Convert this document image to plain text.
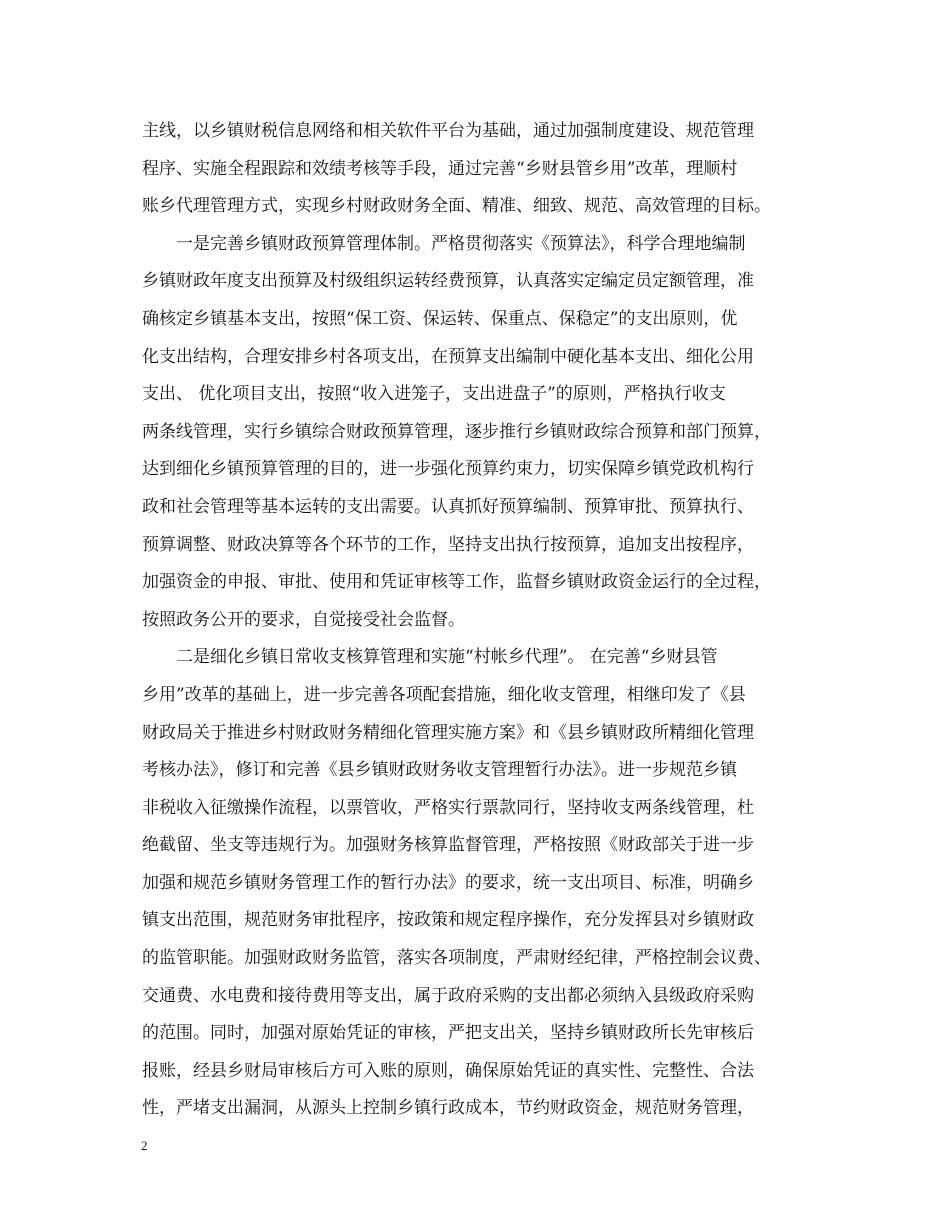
主线，以乡镇财税信息网络和相关软件平台为基础，通过加强制度建设、规范管理
程序、实施全程跟踪和效绩考核等手段，通过完善“乡财县管乡用”改革，理顺村
账乡代理管理方式，实现乡村财政财务全面、精准、细致、规范、高效管理的目标。
一是完善乡镇财政预算管理体制。严格贯彻落实《预算法》，科学合理地编制
乡镇财政年度支出预算及村级组织运转经费预算，认真落实定编定员定额管理，准
确核定乡镇基本支出，按照“保工资、保运转、保重点、保稳定”的支出原则，优
化支出结构，合理安排乡村各项支出，在预算支出编制中硬化基本支出、细化公用
支出、 优化项目支出，按照“收入进笼子，支出进盘子”的原则，严格执行收支
两条线管理，实行乡镇综合财政预算管理，逐步推行乡镇财政综合预算和部门预算，
达到细化乡镇预算管理的目的，进一步强化预算约束力，切实保障乡镇党政机构行
政和社会管理等基本运转的支出需要。认真抓好预算编制、预算审批、预算执行、
预算调整、财政决算等各个环节的工作，坚持支出执行按预算，追加支出按程序，
加强资金的申报、审批、使用和凭证审核等工作，监督乡镇财政资金运行的全过程，
按照政务公开的要求，自觉接受社会监督。
二是细化乡镇日常收支核算管理和实施“村帐乡代理”。 在完善“乡财县管
乡用”改革的基础上，进一步完善各项配套措施，细化收支管理，相继印发了《县
财政局关于推进乡村财政财务精细化管理实施方案》和《县乡镇财政所精细化管理
考核办法》，修订和完善《县乡镇财政财务收支管理暂行办法》。进一步规范乡镇
非税收入征缴操作流程，以票管收，严格实行票款同行，坚持收支两条线管理，杜
绝截留、坐支等违规行为。加强财务核算监督管理，严格按照《财政部关于进一步
加强和规范乡镇财务管理工作的暂行办法》的要求，统一支出项目、标准，明确乡
镇支出范围，规范财务审批程序，按政策和规定程序操作，充分发挥县对乡镇财政
的监管职能。加强财政财务监管，落实各项制度，严肃财经纪律，严格控制会议费、
交通费、水电费和接待费用等支出，属于政府采购的支出都必须纳入县级政府采购
的范围。同时，加强对原始凭证的审核，严把支出关，坚持乡镇财政所长先审核后
报账，经县乡财局审核后方可入账的原则，确保原始凭证的真实性、完整性、合法
性，严堵支出漏洞，从源头上控制乡镇行政成本，节约财政资金，规范财务管理，
2
